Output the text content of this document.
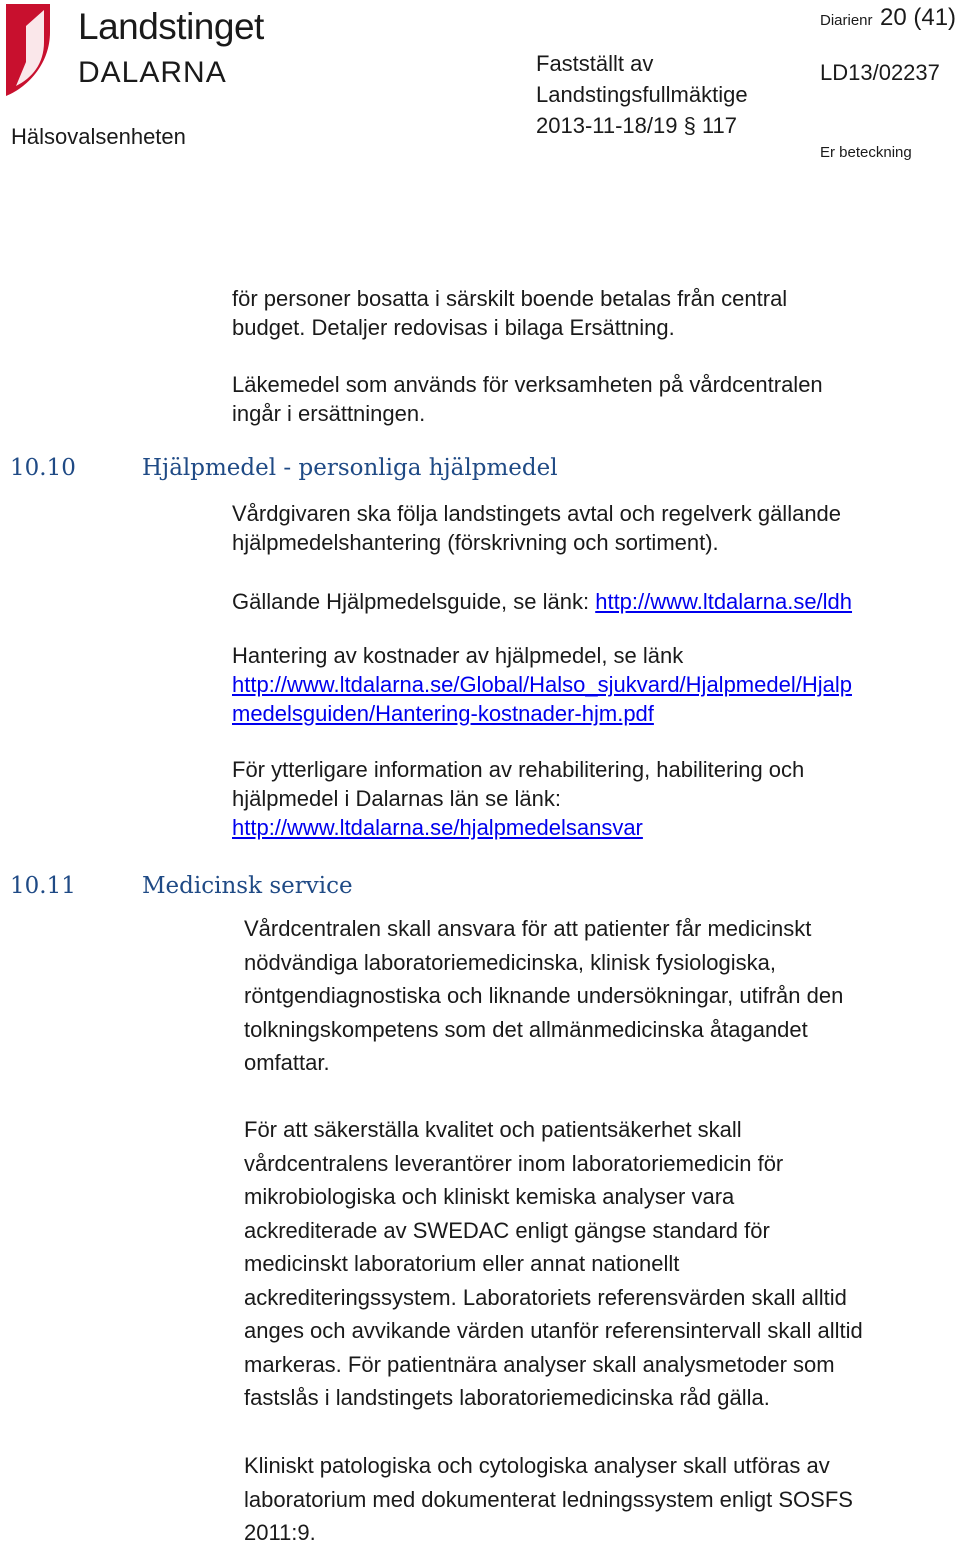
Landstinget
DALARNA
Hälsovalsenheten
Fastställt av
Landstingsfullmäktige
2013-11-18/19 § 117
Diarienr 20 (41)
LD13/02237
Er beteckning
för personer bosatta i särskilt boende betalas från central
budget. Detaljer redovisas i bilaga Ersättning.
Läkemedel som används för verksamheten på vårdcentralen
ingår i ersättningen.
10.10	Hjälpmedel - personliga hjälpmedel
Vårdgivaren ska följa landstingets avtal och regelverk gällande
hjälpmedelshantering (förskrivning och sortiment).
Gällande Hjälpmedelsguide, se länk: http://www.ltdalarna.se/ldh
Hantering av kostnader av hjälpmedel, se länk
http://www.ltdalarna.se/Global/Halso_sjukvard/Hjalpmedel/Hjalp
medelsguiden/Hantering-kostnader-hjm.pdf
För ytterligare information av rehabilitering, habilitering och
hjälpmedel i Dalarnas län se länk:
http://www.ltdalarna.se/hjalpmedelsansvar
10.11	Medicinsk service
Vårdcentralen skall ansvara för att patienter får medicinskt
nödvändiga laboratoriemedicinska, klinisk fysiologiska,
röntgendiagnostiska och liknande undersökningar, utifrån den
tolkningskompetens som det allmänmedicinska åtagandet
omfattar.
För att säkerställa kvalitet och patientsäkerhet skall
vårdcentralens leverantörer inom laboratoriemedicin för
mikrobiologiska och kliniskt kemiska analyser vara
ackrediterade av SWEDAC enligt gängse standard för
medicinskt laboratorium eller annat nationellt
ackrediteringssystem. Laboratoriets referensvärden skall alltid
anges och avvikande värden utanför referensintervall skall alltid
markeras. För patientnära analyser skall analysmetoder som
fastslås i landstingets laboratoriemedicinska råd gälla.
Kliniskt patologiska och cytologiska analyser skall utföras av
laboratorium med dokumenterat ledningssystem enligt SOSFS
2011:9.
